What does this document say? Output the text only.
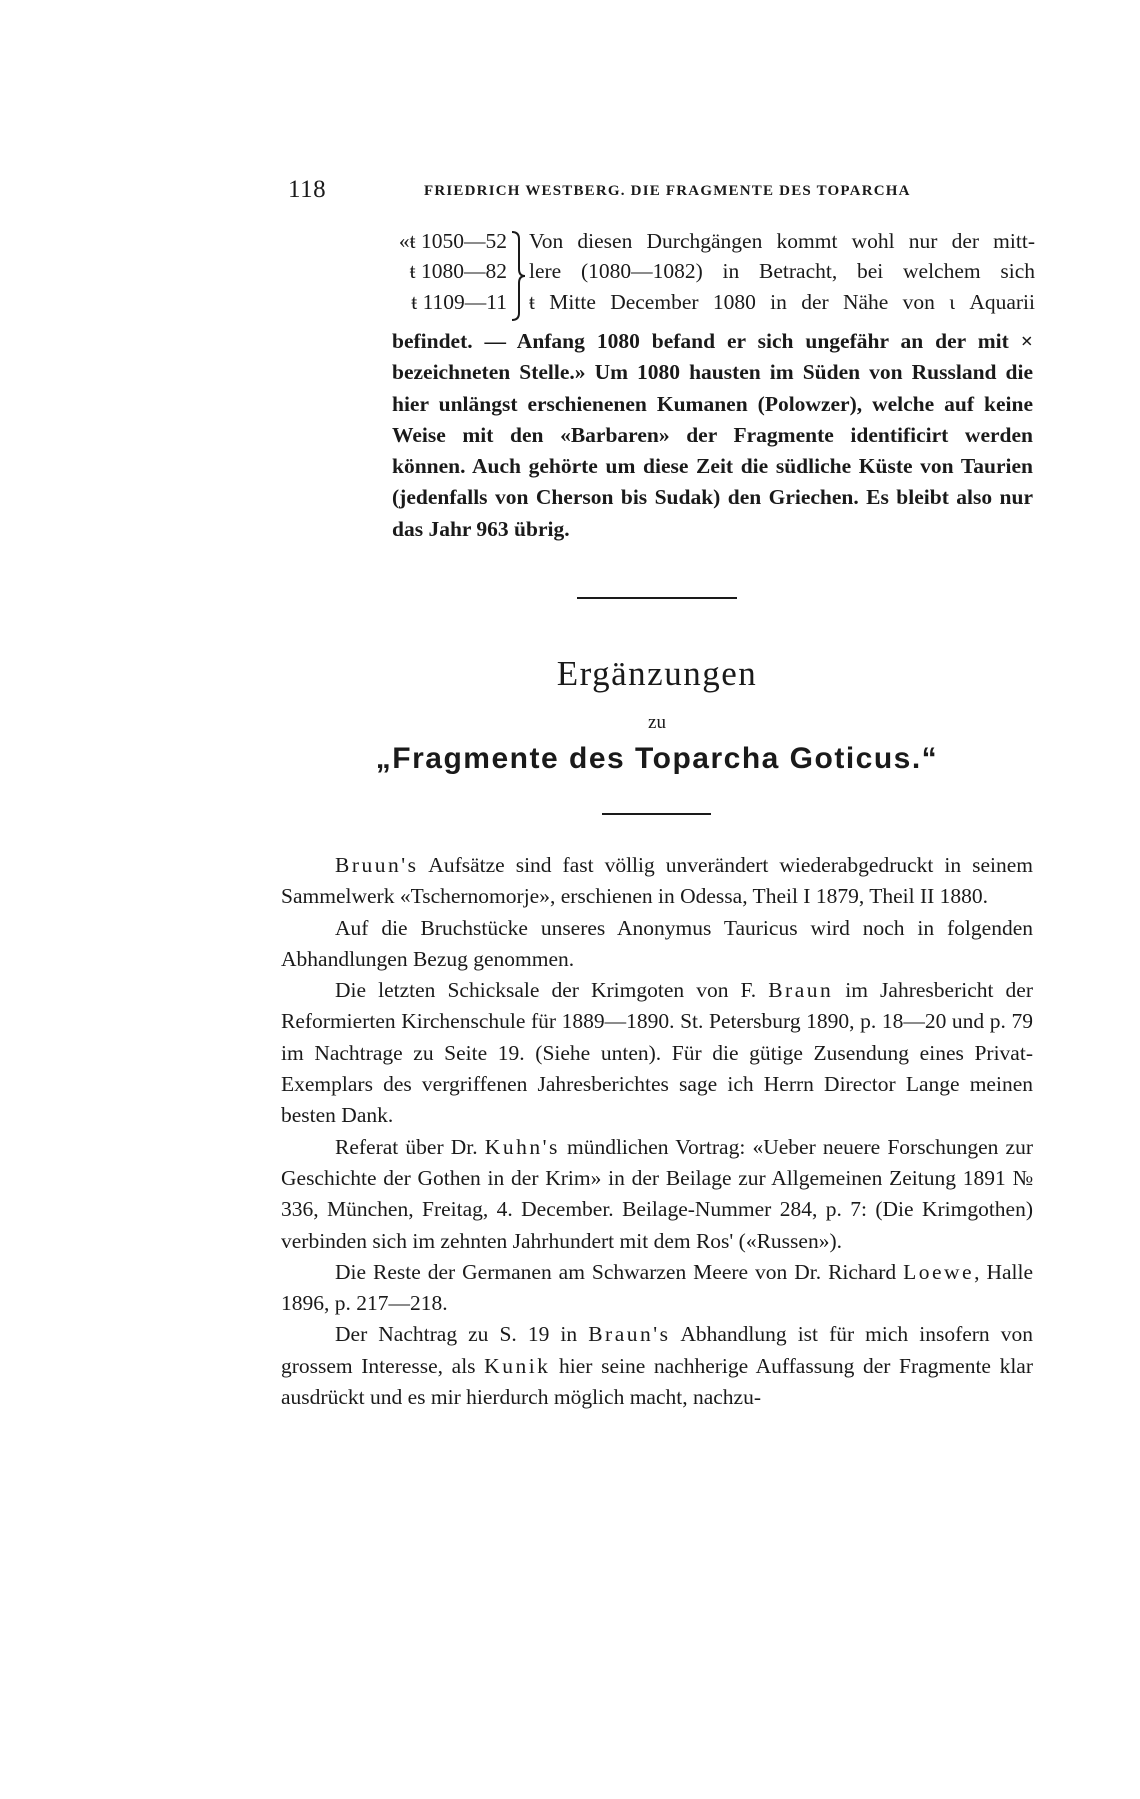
118	FRIEDRICH WESTBERG. DIE FRAGMENTE DES TOPARCHA
«ŧ 1050—52
ŧ 1080—82
ŧ 1109—11
Von diesen Durchgängen kommt wohl nur der mitt-
lere (1080—1082) in Betracht, bei welchem sich
ŧ Mitte December 1080 in der Nähe von ι Aquarii

befindet. — Anfang 1080 befand er sich ungefähr an der mit × bezeichneten Stelle.» Um 1080 hausten im Süden von Russland die hier unlängst erschienenen Kumanen (Polowzer), welche auf keine Weise mit den «Barbaren» der Fragmente identificirt werden können. Auch gehörte um diese Zeit die südliche Küste von Taurien (jedenfalls von Cherson bis Sudak) den Griechen. Es bleibt also nur das Jahr 963 übrig.

Ergänzungen
zu
„Fragmente des Toparcha Goticus.“

Bruun's Aufsätze sind fast völlig unverändert wiederabgedruckt in seinem Sammelwerk «Tschernomorje», erschienen in Odessa, Theil I 1879, Theil II 1880.

Auf die Bruchstücke unseres Anonymus Tauricus wird noch in folgenden Abhandlungen Bezug genommen.

Die letzten Schicksale der Krimgoten von F. Braun im Jahresbericht der Reformierten Kirchenschule für 1889—1890. St. Petersburg 1890, p. 18—20 und p. 79 im Nachtrage zu Seite 19. (Siehe unten). Für die gütige Zusendung eines Privat-Exemplars des vergriffenen Jahresberichtes sage ich Herrn Director Lange meinen besten Dank.

Referat über Dr. Kuhn's mündlichen Vortrag: «Ueber neuere Forschungen zur Geschichte der Gothen in der Krim» in der Beilage zur Allgemeinen Zeitung 1891 № 336, München, Freitag, 4. December. Beilage-Nummer 284, p. 7: (Die Krimgothen) verbinden sich im zehnten Jahrhundert mit dem Ros' («Russen»).

Die Reste der Germanen am Schwarzen Meere von Dr. Richard Loewe, Halle 1896, p. 217—218.

Der Nachtrag zu S. 19 in Braun's Abhandlung ist für mich insofern von grossem Interesse, als Kunik hier seine nachherige Auffassung der Fragmente klar ausdrückt und es mir hierdurch möglich macht, nachzu-
